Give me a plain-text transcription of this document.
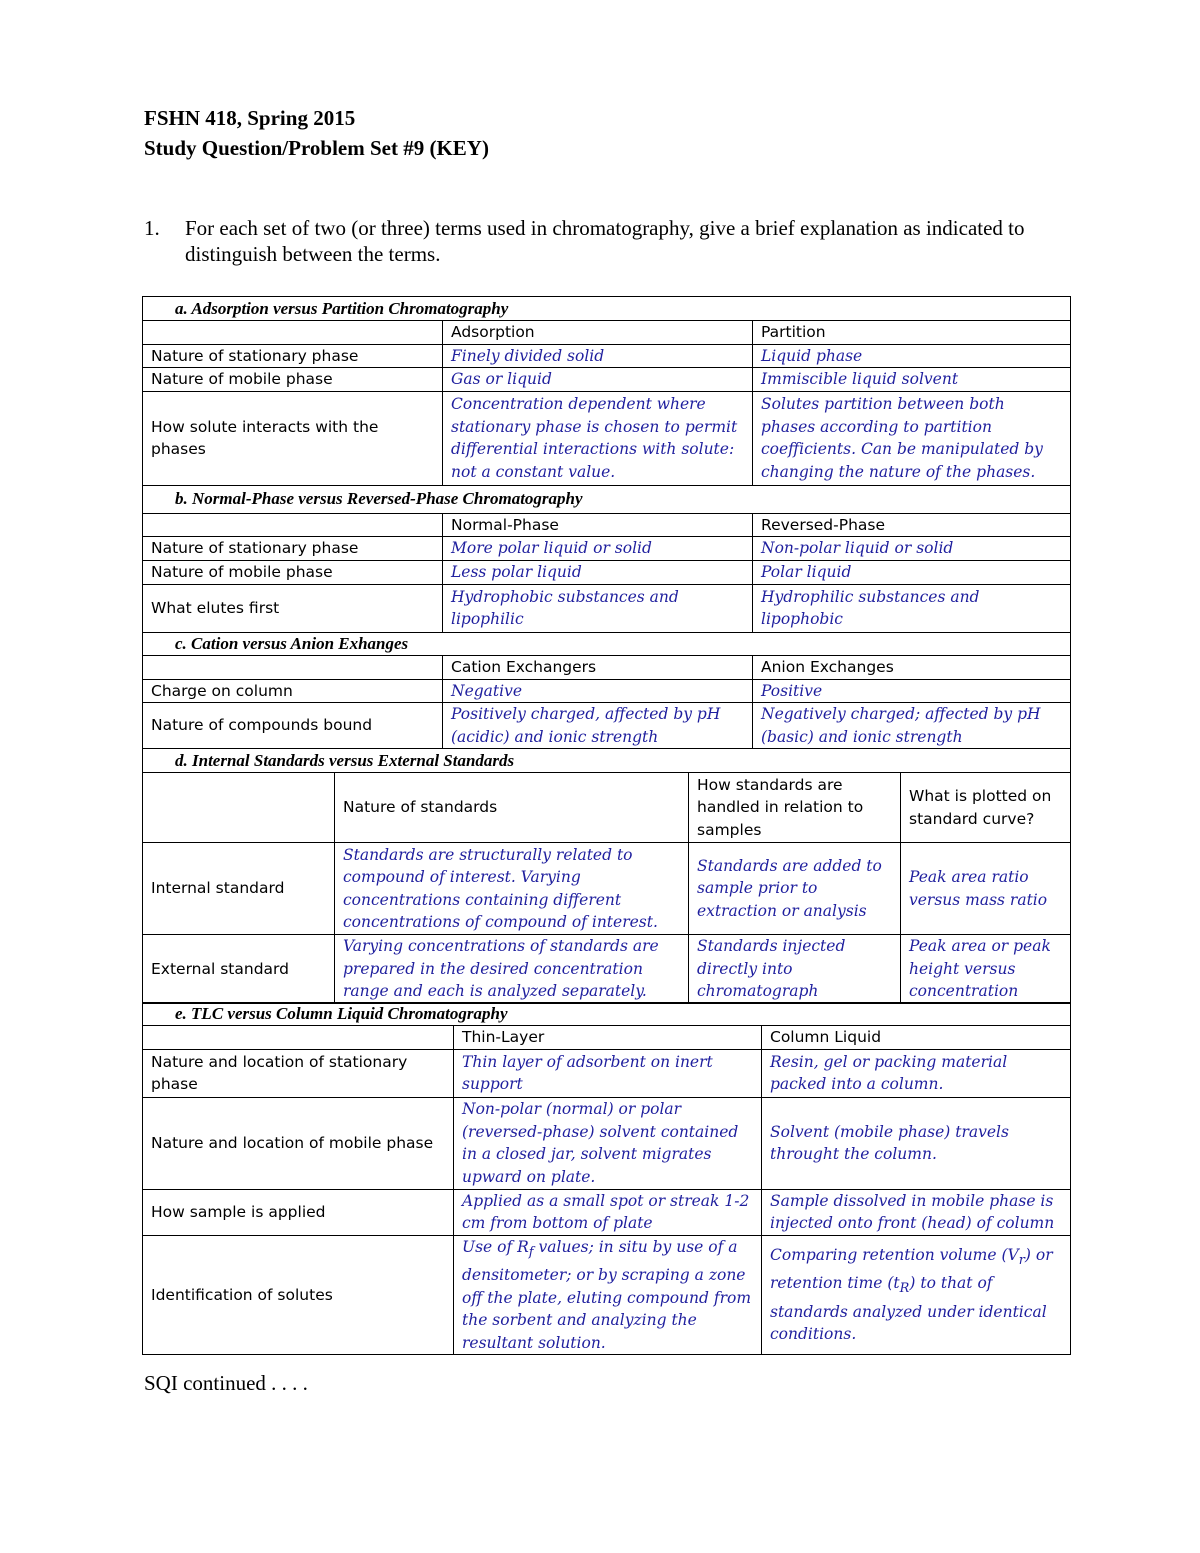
FSHN 418, Spring 2015
Study Question/Problem Set #9 (KEY)
1. For each set of two (or three) terms used in chromatography, give a brief explanation as indicated to distinguish between the terms.
a. Adsorption versus Partition Chromatography		
	Adsorption	Partition
Nature of stationary phase	Finely divided solid	Liquid phase
Nature of mobile phase	Gas or liquid	Immiscible liquid solvent
How solute interacts with the phases	Concentration dependent where stationary phase is chosen to permit differential interactions with solute: not a constant value.	Solutes partition between both phases according to partition coefficients. Can be manipulated by changing the nature of the phases.
b. Normal-Phase versus Reversed-Phase Chromatography		
	Normal-Phase	Reversed-Phase
Nature of stationary phase	More polar liquid or solid	Non-polar liquid or solid
Nature of mobile phase	Less polar liquid	Polar liquid
What elutes first	Hydrophobic substances and lipophilic	Hydrophilic substances and lipophobic
c. Cation versus Anion Exhanges		
	Cation Exchangers	Anion Exchanges
Charge on column	Negative	Positive
Nature of compounds bound	Positively charged, affected by pH (acidic) and ionic strength	Negatively charged; affected by pH (basic) and ionic strength
d. Internal Standards versus External Standards			
	Nature of standards	How standards are handled in relation to samples	What is plotted on standard curve?
Internal standard	Standards are structurally related to compound of interest. Varying concentrations containing different concentrations of compound of interest.	Standards are added to sample prior to extraction or analysis	Peak area ratio versus mass ratio
External standard	Varying concentrations of standards are prepared in the desired concentration range and each is analyzed separately.	Standards injected directly into chromatograph	Peak area or peak height versus concentration
e. TLC versus Column Liquid Chromatography		
	Thin-Layer	Column Liquid
Nature and location of stationary phase	Thin layer of adsorbent on inert support	Resin, gel or packing material packed into a column.
Nature and location of mobile phase	Non-polar (normal) or polar (reversed-phase) solvent contained in a closed jar, solvent migrates upward on plate.	Solvent (mobile phase) travels throught the column.
How sample is applied	Applied as a small spot or streak 1-2 cm from bottom of plate	Sample dissolved in mobile phase is injected onto front (head) of column
Identification of solutes	Use of $R_f$ values; in situ by use of a densitometer; or by scraping a zone off the plate, eluting compound from the sorbent and analyzing the resultant solution.	Comparing retention volume $(V_r)$ or retention time $(t_R)$ to that of standards analyzed under identical conditions.
SQI continued . . . .
